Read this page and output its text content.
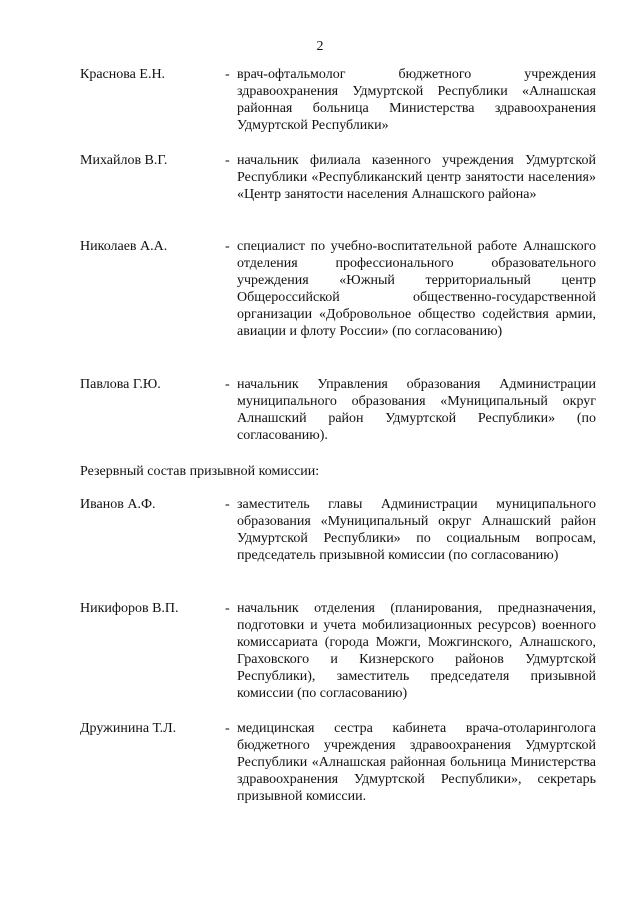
2
Краснова Е.Н.	- врач-офтальмолог бюджетного учреждения здравоохранения Удмуртской Республики «Алнашская районная больница Министерства здравоохранения Удмуртской Республики»
Михайлов В.Г.	- начальник филиала казенного учреждения Удмуртской Республики «Республиканский центр занятости населения» «Центр занятости населения Алнашского района»
Николаев А.А.	- специалист по учебно-воспитательной работе Алнашского отделения профессионального образовательного учреждения «Южный территориальный центр Общероссийской общественно-государственной организации «Добровольное общество содействия армии, авиации и флоту России» (по согласованию)
Павлова Г.Ю.	- начальник Управления образования Администрации муниципального образования «Муниципальный округ Алнашский район Удмуртской Республики» (по согласованию).
Резервный состав призывной комиссии:
Иванов А.Ф.	- заместитель главы Администрации муниципального образования «Муниципальный округ Алнашский район Удмуртской Республики» по социальным вопросам, председатель призывной комиссии (по согласованию)
Никифоров В.П.	- начальник отделения (планирования, предназначения, подготовки и учета мобилизационных ресурсов) военного комиссариата (города Можги, Можгинского, Алнашского, Граховского и Кизнерского районов Удмуртской Республики), заместитель председателя призывной комиссии (по согласованию)
Дружинина Т.Л.	- медицинская сестра кабинета врача-отоларинголога бюджетного учреждения здравоохранения Удмуртской Республики «Алнашская районная больница Министерства здравоохранения Удмуртской Республики», секретарь призывной комиссии.
